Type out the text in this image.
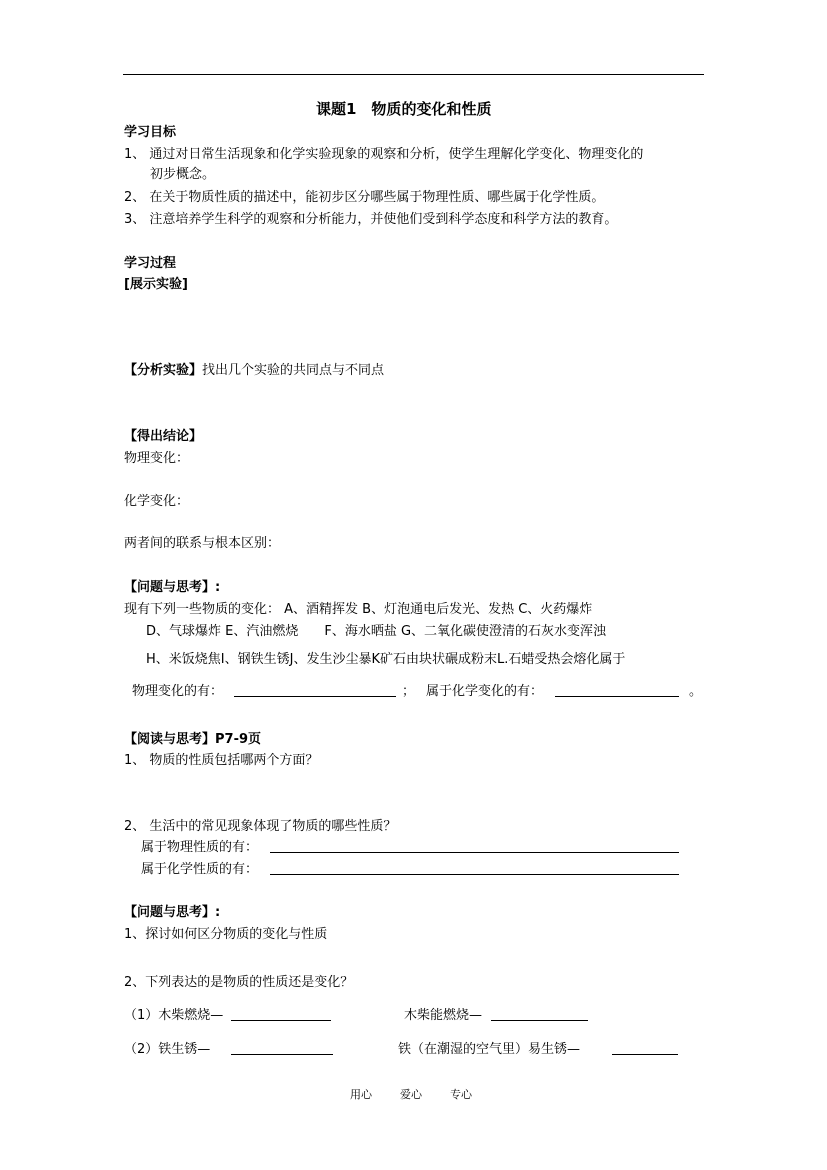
课题1　物质的变化和性质
学习目标
1、 通过对日常生活现象和化学实验现象的观察和分析，使学生理解化学变化、物理变化的
初步概念。
2、 在关于物质性质的描述中，能初步区分哪些属于物理性质、哪些属于化学性质。
3、 注意培养学生科学的观察和分析能力，并使他们受到科学态度和科学方法的教育。
学习过程
[展示实验]
【分析实验】找出几个实验的共同点与不同点
【得出结论】
物理变化：
化学变化：
两者间的联系与根本区别：
【问题与思考】:
现有下列一些物质的变化： A、酒精挥发 B、灯泡通电后发光、发热 C、火药爆炸
D、气球爆炸 E、汽油燃烧　　F、海水晒盐 G、二氧化碳使澄清的石灰水变浑浊
H、米饭烧焦I、钢铁生锈J、发生沙尘暴K矿石由块状碾成粉末L.石蜡受热会熔化属于
物理变化的有：	； 属于化学变化的有：	。
【阅读与思考】P7-9页
1、 物质的性质包括哪两个方面？
2、 生活中的常见现象体现了物质的哪些性质？
属于物理性质的有：
属于化学性质的有：
【问题与思考】:
1、探讨如何区分物质的变化与性质
2、下列表达的是物质的性质还是变化？
（1）木柴燃烧—	木柴能燃烧—
（2）铁生锈—	铁（在潮湿的空气里）易生锈—
用心	爱心	专心
